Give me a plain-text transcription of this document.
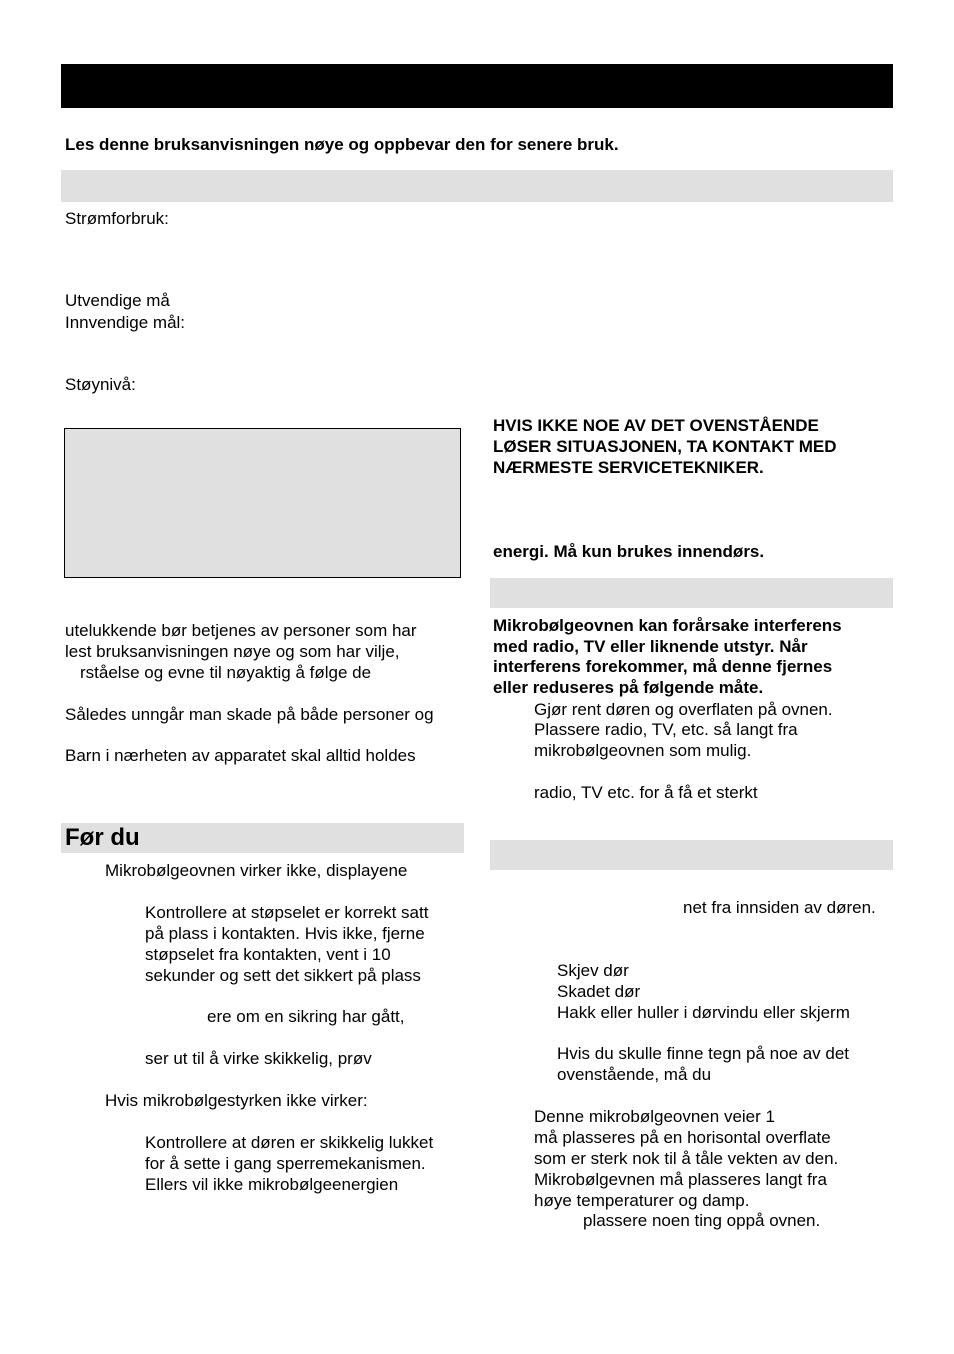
Les denne bruksanvisningen nøye og oppbevar den for senere bruk.
Strømforbruk:
Utvendige må
Innvendige mål:
Støynivå:
utelukkende bør betjenes av personer som har
lest bruksanvisningen nøye og som har vilje,
rståelse og evne til nøyaktig å følge de
Således unngår man skade på både personer og
Barn i nærheten av apparatet skal alltid holdes
Før du
Mikrobølgeovnen virker ikke, displayene
Kontrollere at støpselet er korrekt satt
på plass i kontakten. Hvis ikke, fjerne
støpselet fra kontakten, vent i 10
sekunder og sett det sikkert på plass
ere om en sikring har gått,
ser ut til å virke skikkelig, prøv
Hvis mikrobølgestyrken ikke virker:
Kontrollere at døren er skikkelig lukket
for å sette i gang sperremekanismen.
Ellers vil ikke mikrobølgeenergien
HVIS IKKE NOE AV DET OVENSTÅENDE
LØSER SITUASJONEN, TA KONTAKT MED
NÆRMESTE SERVICETEKNIKER.
energi. Må kun brukes innendørs.
Mikrobølgeovnen kan forårsake interferens
med radio, TV eller liknende utstyr. Når
interferens forekommer, må denne fjernes
eller reduseres på følgende måte.
Gjør rent døren og overflaten på ovnen.
Plassere radio, TV, etc. så langt fra
mikrobølgeovnen som mulig.
radio, TV etc. for å få et sterkt
net fra innsiden av døren.
Skjev dør
Skadet dør
Hakk eller huller i dørvindu eller skjerm
Hvis du skulle finne tegn på noe av det
ovenstående, må du
Denne mikrobølgeovnen veier 1
må plasseres på en horisontal overflate
som er sterk nok til å tåle vekten av den.
Mikrobølgevnen må plasseres langt fra
høye temperaturer og damp.
plassere noen ting oppå ovnen.
